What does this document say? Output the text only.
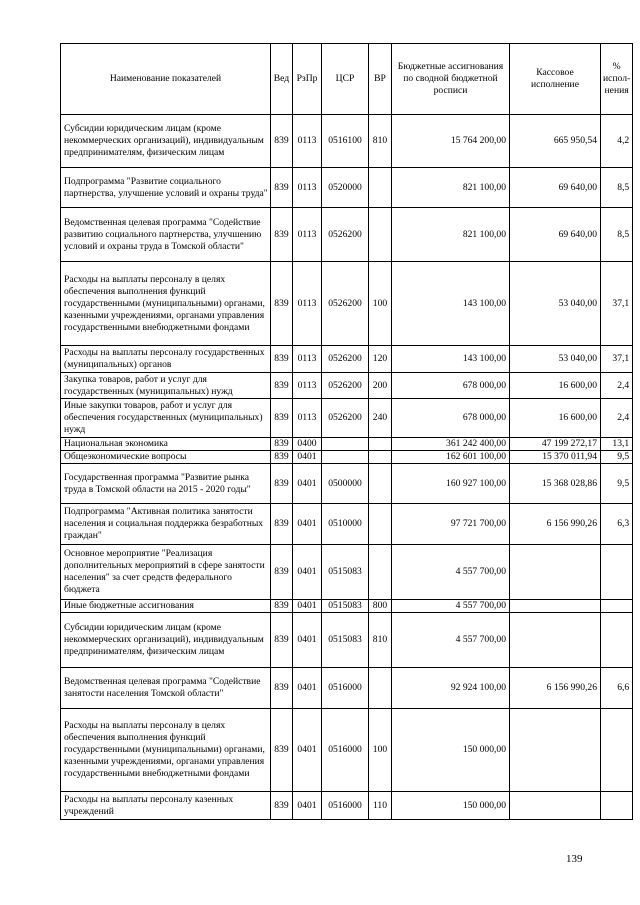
Наименование показателей	Вед	РзПр	ЦСР	ВР	Бюджетные ассигнования по сводной бюджетной росписи	Кассовое исполнение	% испол-нения
Субсидии юридическим лицам (кроме некоммерческих организаций), индивидуальным предпринимателям, физическим лицам	839	0113	0516100	810	15 764 200,00	665 950,54	4,2
Подпрограмма "Развитие социального партнерства, улучшение условий и охраны труда"	839	0113	0520000		821 100,00	69 640,00	8,5
Ведомственная целевая программа "Содействие развитию социального партнерства, улучшению условий и охраны труда в Томской области"	839	0113	0526200		821 100,00	69 640,00	8,5
Расходы на выплаты персоналу в целях обеспечения выполнения функций государственными (муниципальными) органами, казенными учреждениями, органами управления государственными внебюджетными фондами	839	0113	0526200	100	143 100,00	53 040,00	37,1
Расходы на выплаты персоналу государственных (муниципальных) органов	839	0113	0526200	120	143 100,00	53 040,00	37,1
Закупка товаров, работ и услуг для государственных (муниципальных) нужд	839	0113	0526200	200	678 000,00	16 600,00	2,4
Иные закупки товаров, работ и услуг для обеспечения государственных (муниципальных) нужд	839	0113	0526200	240	678 000,00	16 600,00	2,4
Национальная экономика	839	0400			361 242 400,00	47 199 272,17	13,1
Общеэкономические вопросы	839	0401			162 601 100,00	15 370 011,94	9,5
Государственная программа "Развитие рынка труда в Томской области на 2015 - 2020 годы"	839	0401	0500000		160 927 100,00	15 368 028,86	9,5
Подпрограмма "Активная политика занятости населения и социальная поддержка безработных граждан"	839	0401	0510000		97 721 700,00	6 156 990,26	6,3
Основное мероприятие "Реализация дополнительных мероприятий в сфере занятости населения" за счет средств федерального бюджета	839	0401	0515083		4 557 700,00		
Иные бюджетные ассигнования	839	0401	0515083	800	4 557 700,00		
Субсидии юридическим лицам (кроме некоммерческих организаций), индивидуальным предпринимателям, физическим лицам	839	0401	0515083	810	4 557 700,00		
Ведомственная целевая программа "Содействие занятости населения Томской области"	839	0401	0516000		92 924 100,00	6 156 990,26	6,6
Расходы на выплаты персоналу в целях обеспечения выполнения функций государственными (муниципальными) органами, казенными учреждениями, органами управления государственными внебюджетными фондами	839	0401	0516000	100	150 000,00		
Расходы на выплаты персоналу казенных учреждений	839	0401	0516000	110	150 000,00		
139
